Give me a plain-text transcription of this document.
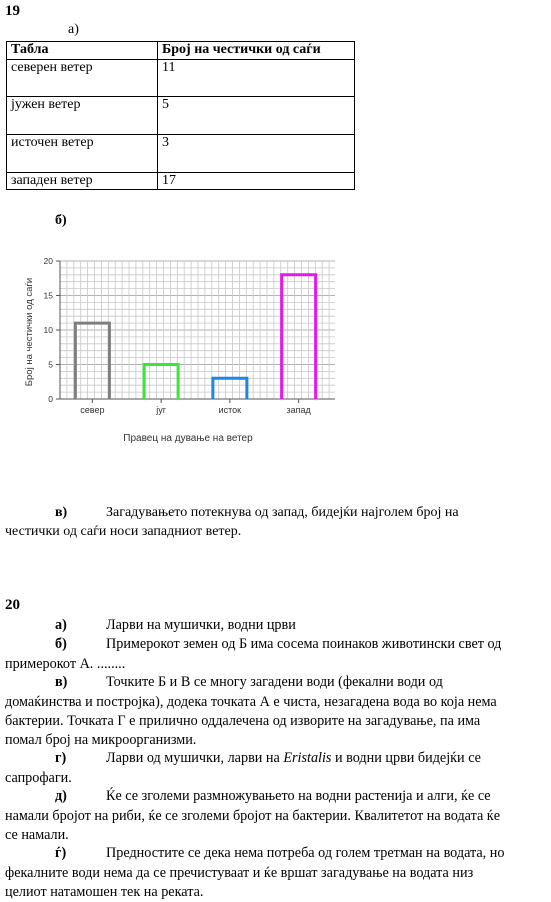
19
а)
Табла	Број на честички од саѓи
северен ветер	11
јужен ветер	5
источен ветер	3
западен ветер	17
б)
0
5
10
15
20
север	југ	исток	запад
Број на честички од саѓи
Правец на дување на ветер
в)	Загадувањето потекнува од запад, бидејќи најголем број на
честички од саѓи носи западниот ветер.
20
а)	Ларви на мушички, водни црви
б)	Примерокот земен од Б има сосема поинаков животински свет од
примерокот А. ........
в)	Точките Б и В се многу загадени води (фекални води од
домаќинства и постројка), додека точката А е чиста, незагадена вода во која нема
бактерии. Точката Г е прилично оддалечена од изворите на загадување, па има
помал број на микроорганизми.
г)	Ларви од мушички, ларви на Eristalis и водни црви бидејќи се
сапрофаги.
д)	Ќе се зголеми размножувањето на водни растенија и алги, ќе се
намали бројот на риби, ќе се зголеми бројот на бактерии. Квалитетот на водата ќе
се намали.
ѓ)	Предностите се дека нема потреба од голем третман на водата, но
фекалните води нема да се пречистуваат и ќе вршат загадување на водата низ
целиот натамошен тек на реката.
